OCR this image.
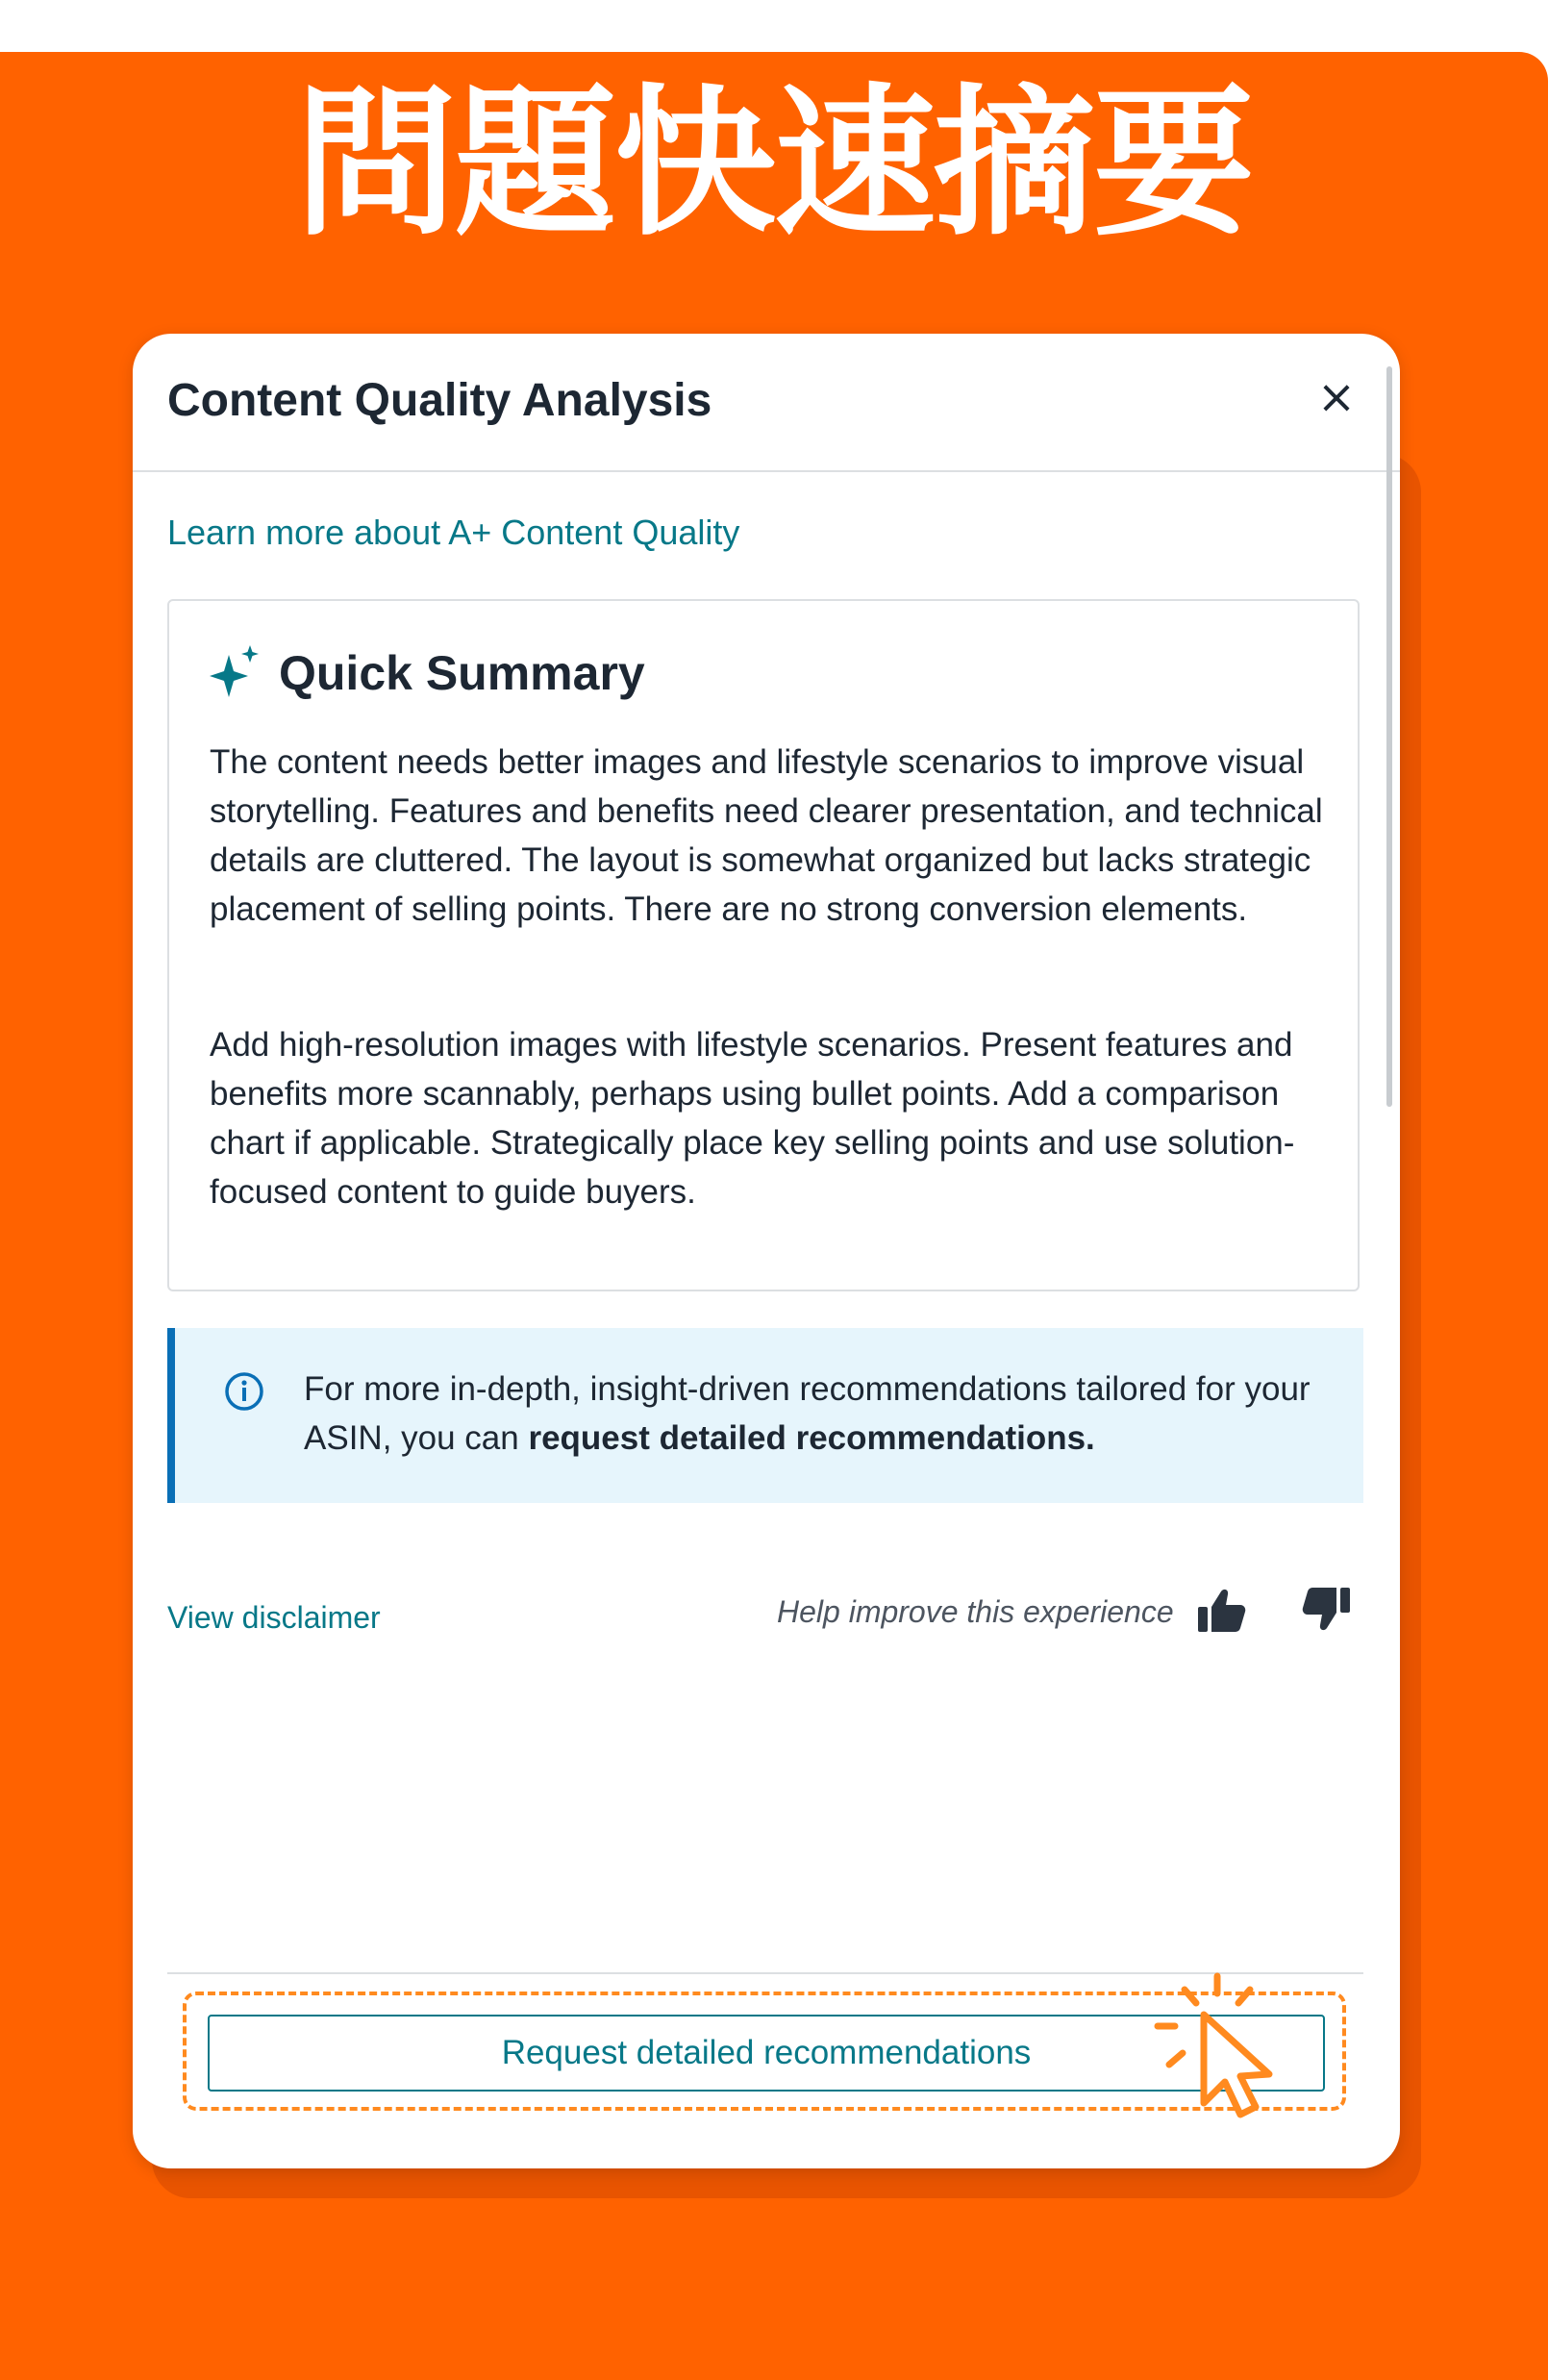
問題快速摘要
Content Quality Analysis	×
Learn more about A+ Content Quality
Quick Summary

The content needs better images and lifestyle scenarios to improve visual storytelling. Features and benefits need clearer presentation, and technical details are cluttered. The layout is somewhat organized but lacks strategic placement of selling points. There are no strong conversion elements.

Add high-resolution images with lifestyle scenarios. Present features and benefits more scannably, perhaps using bullet points. Add a comparison chart if applicable. Strategically place key selling points and use solution-focused content to guide buyers.

For more in-depth, insight-driven recommendations tailored for your ASIN, you can request detailed recommendations.

View disclaimer	Help improve this experience
Request detailed recommendations
